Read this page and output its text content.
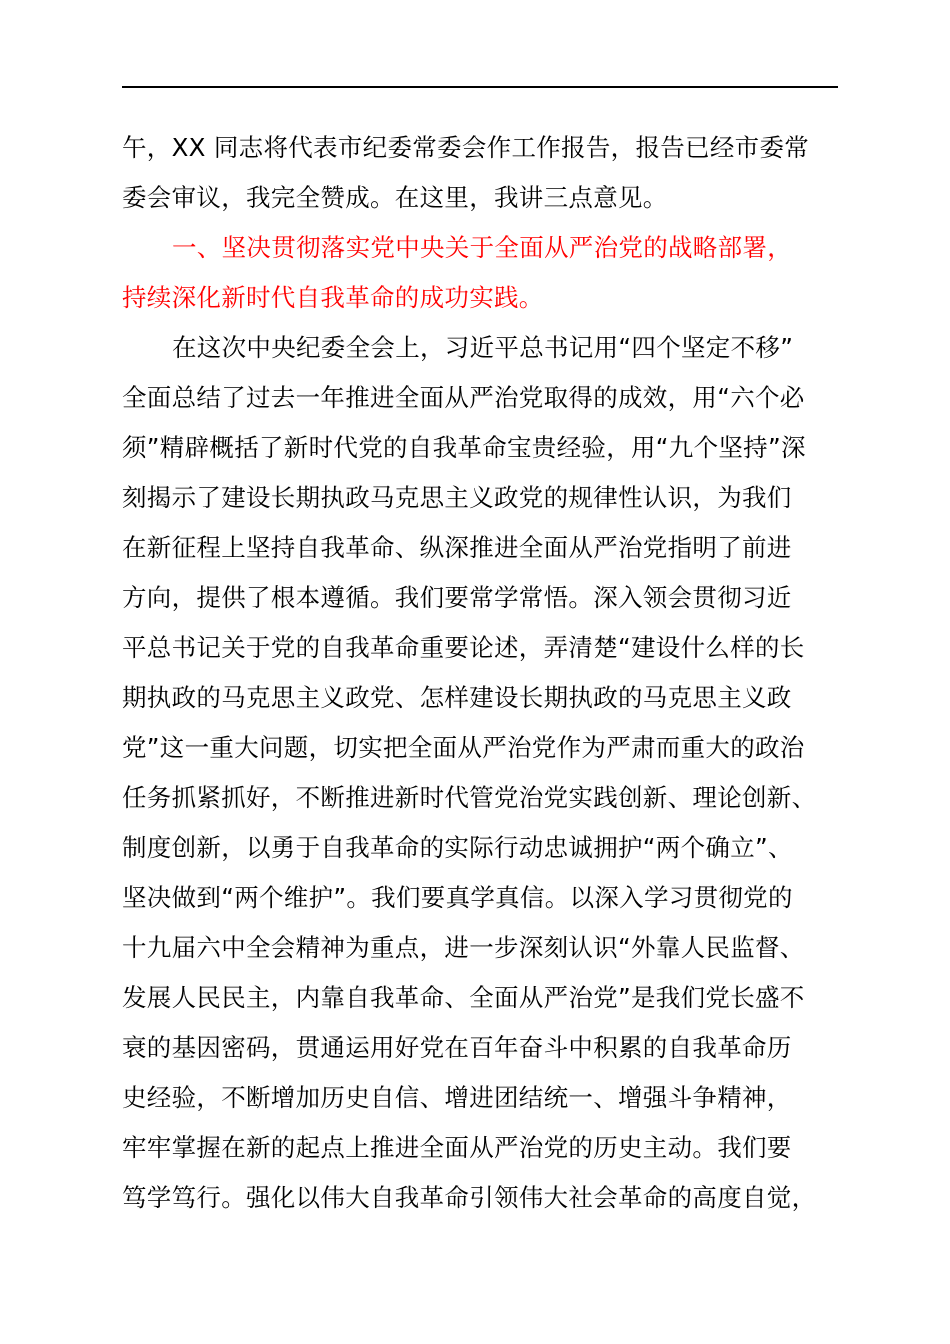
午，XX 同志将代表市纪委常委会作工作报告，报告已经市委常
委会审议，我完全赞成。在这里，我讲三点意见。
一、坚决贯彻落实党中央关于全面从严治党的战略部署，
持续深化新时代自我革命的成功实践。
在这次中央纪委全会上，习近平总书记用“四个坚定不移”
全面总结了过去一年推进全面从严治党取得的成效，用“六个必
须”精辟概括了新时代党的自我革命宝贵经验，用“九个坚持”深
刻揭示了建设长期执政马克思主义政党的规律性认识，为我们
在新征程上坚持自我革命、纵深推进全面从严治党指明了前进
方向，提供了根本遵循。我们要常学常悟。深入领会贯彻习近
平总书记关于党的自我革命重要论述，弄清楚“建设什么样的长
期执政的马克思主义政党、怎样建设长期执政的马克思主义政
党”这一重大问题，切实把全面从严治党作为严肃而重大的政治
任务抓紧抓好，不断推进新时代管党治党实践创新、理论创新、
制度创新，以勇于自我革命的实际行动忠诚拥护“两个确立”、
坚决做到“两个维护”。我们要真学真信。以深入学习贯彻党的
十九届六中全会精神为重点，进一步深刻认识“外靠人民监督、
发展人民民主，内靠自我革命、全面从严治党”是我们党长盛不
衰的基因密码，贯通运用好党在百年奋斗中积累的自我革命历
史经验，不断增加历史自信、增进团结统一、增强斗争精神，
牢牢掌握在新的起点上推进全面从严治党的历史主动。我们要
笃学笃行。强化以伟大自我革命引领伟大社会革命的高度自觉，
